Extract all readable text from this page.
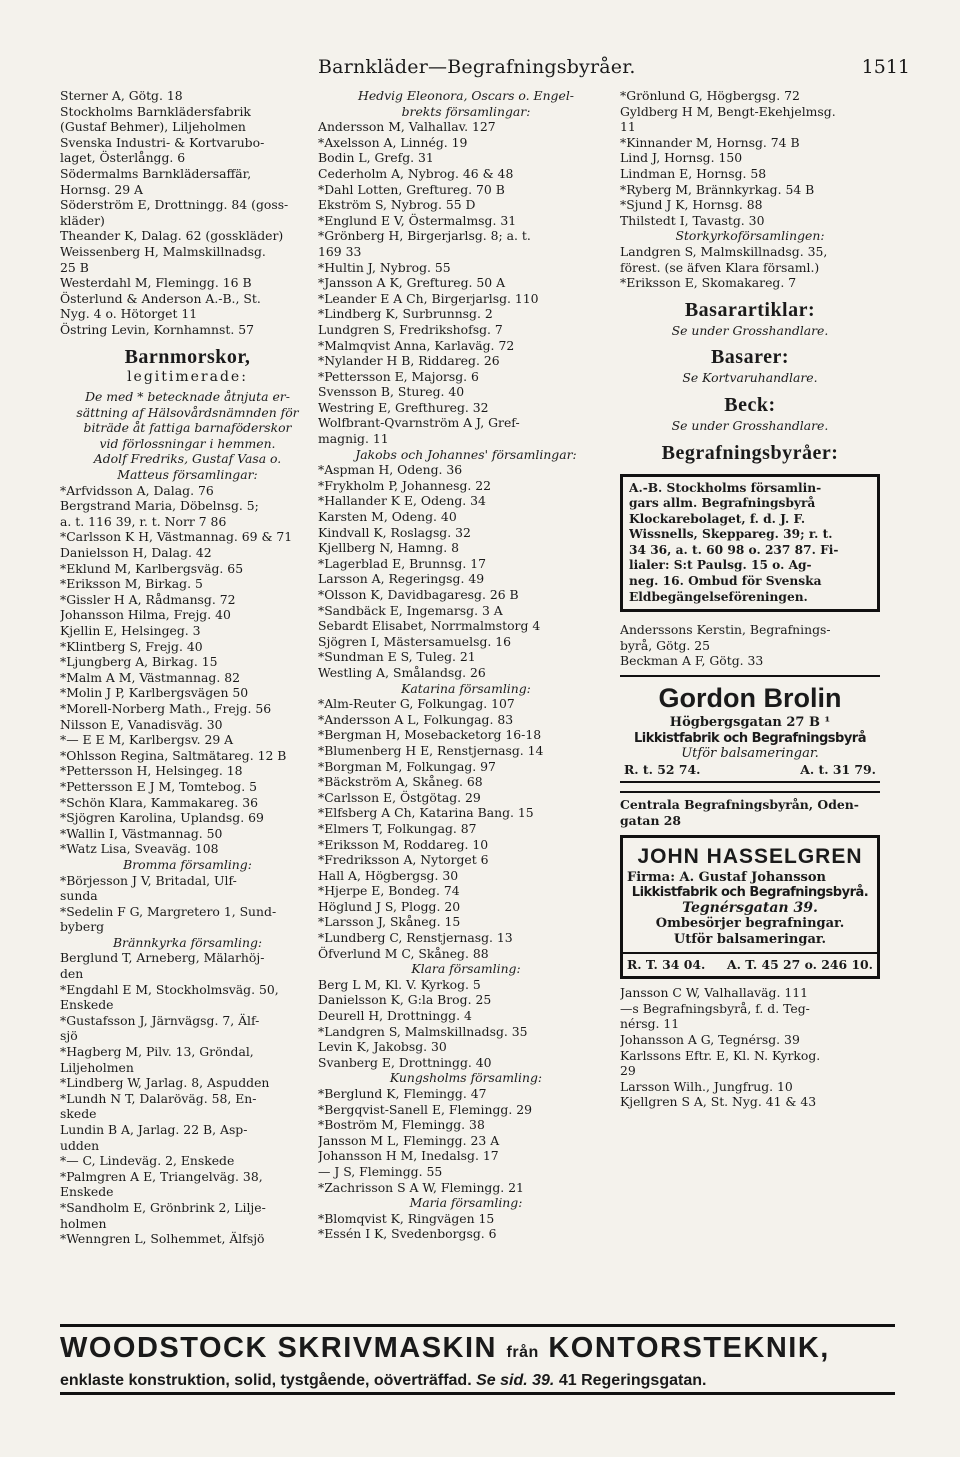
Barnkläder—Begrafningsbyråer.	1511
Sterner A, Götg. 18
Stockholms Barnklädersfabrik
(Gustaf Behmer), Liljeholmen
Svenska Industri- & Kortvarubo-
laget, Österlångg. 6
Södermalms Barnklädersaffär,
Hornsg. 29 A
Söderström E, Drottningg. 84 (goss-
kläder)
Theander K, Dalag. 62 (gosskläder)
Weissenberg H, Malmskillnadsg.
25 B
Westerdahl M, Flemingg. 16 B
Österlund & Anderson A.-B., St.
Nyg. 4 o. Hötorget 11
Östring Levin, Kornhamnst. 57
Barnmorskor,
legitimerade:
De med * betecknade åtnjuta er-
sättning af Hälsovårdsnämnden för
biträde åt fattiga barnaföderskor
vid förlossningar i hemmen.
Adolf Fredriks, Gustaf Vasa o.
Matteus församlingar:
*Arfvidsson A, Dalag. 76
Bergstrand Maria, Döbelnsg. 5;
a. t. 116 39, r. t. Norr 7 86
*Carlsson K H, Västmannag. 69 & 71
Danielsson H, Dalag. 42
*Eklund M, Karlbergsväg. 65
*Eriksson M, Birkag. 5
*Gissler H A, Rådmansg. 72
Johansson Hilma, Frejg. 40
Kjellin E, Helsingeg. 3
*Klintberg S, Frejg. 40
*Ljungberg A, Birkag. 15
*Malm A M, Västmannag. 82
*Molin J P, Karlbergsvägen 50
*Morell-Norberg Math., Frejg. 56
Nilsson E, Vanadisväg. 30
*— E E M, Karlbergsv. 29 A
*Ohlsson Regina, Saltmätareg. 12 B
*Pettersson H, Helsingeg. 18
*Pettersson E J M, Tomtebog. 5
*Schön Klara, Kammakareg. 36
*Sjögren Karolina, Uplandsg. 69
*Wallin I, Västmannag. 50
*Watz Lisa, Sveaväg. 108
Bromma församling:
*Börjesson J V, Britadal, Ulf-
sunda
*Sedelin F G, Margretero 1, Sund-
byberg
Brännkyrka församling:
Berglund T, Arneberg, Mälarhöj-
den
*Engdahl E M, Stockholmsväg. 50,
Enskede
*Gustafsson J, Järnvägsg. 7, Älf-
sjö
*Hagberg M, Pilv. 13, Gröndal,
Liljeholmen
*Lindberg W, Jarlag. 8, Aspudden
*Lundh N T, Dalaröväg. 58, En-
skede
Lundin B A, Jarlag. 22 B, Asp-
udden
*— C, Lindeväg. 2, Enskede
*Palmgren A E, Triangelväg. 38,
Enskede
*Sandholm E, Grönbrink 2, Lilje-
holmen
*Wenngren L, Solhemmet, Älfsjö
Hedvig Eleonora, Oscars o. Engel-
brekts församlingar:
Andersson M, Valhallav. 127
*Axelsson A, Linnég. 19
Bodin L, Grefg. 31
Cederholm A, Nybrog. 46 & 48
*Dahl Lotten, Greftureg. 70 B
Ekström S, Nybrog. 55 D
*Englund E V, Östermalmsg. 31
*Grönberg H, Birgerjarlsg. 8; a. t.
169 33
*Hultin J, Nybrog. 55
*Jansson A K, Greftureg. 50 A
*Leander E A Ch, Birgerjarlsg. 110
*Lindberg K, Surbrunnsg. 2
Lundgren S, Fredrikshofsg. 7
*Malmqvist Anna, Karlaväg. 72
*Nylander H B, Riddareg. 26
*Pettersson E, Majorsg. 6
Svensson B, Stureg. 40
Westring E, Grefthureg. 32
Wolfbrant-Qvarnström A J, Gref-
magnig. 11
Jakobs och Johannes' församlingar:
*Aspman H, Odeng. 36
*Frykholm P, Johannesg. 22
*Hallander K E, Odeng. 34
Karsten M, Odeng. 40
Kindvall K, Roslagsg. 32
Kjellberg N, Hamng. 8
*Lagerblad E, Brunnsg. 17
Larsson A, Regeringsg. 49
*Olsson K, Davidbagaresg. 26 B
*Sandbäck E, Ingemarsg. 3 A
Sebardt Elisabet, Norrmalmstorg 4
Sjögren I, Mästersamuelsg. 16
*Sundman E S, Tuleg. 21
Westling A, Smålandsg. 26
Katarina församling:
*Alm-Reuter G, Folkungag. 107
*Andersson A L, Folkungag. 83
*Bergman H, Mosebacketorg 16-18
*Blumenberg H E, Renstjernasg. 14
*Borgman M, Folkungag. 97
*Bäckström A, Skåneg. 68
*Carlsson E, Östgötag. 29
*Elfsberg A Ch, Katarina Bang. 15
*Elmers T, Folkungag. 87
*Eriksson M, Roddareg. 10
*Fredriksson A, Nytorget 6
Hall A, Högbergsg. 30
*Hjerpe E, Bondeg. 74
Höglund J S, Plogg. 20
*Larsson J, Skåneg. 15
*Lundberg C, Renstjernasg. 13
Öfverlund M C, Skåneg. 88
Klara församling:
Berg L M, Kl. V. Kyrkog. 5
Danielsson K, G:la Brog. 25
Deurell H, Drottningg. 4
*Landgren S, Malmskillnadsg. 35
Levin K, Jakobsg. 30
Svanberg E, Drottningg. 40
Kungsholms församling:
*Berglund K, Flemingg. 47
*Bergqvist-Sanell E, Flemingg. 29
*Boström M, Flemingg. 38
Jansson M L, Flemingg. 23 A
Johansson H M, Inedalsg. 17
— J S, Flemingg. 55
*Zachrisson S A W, Flemingg. 21
Maria församling:
*Blomqvist K, Ringvägen 15
*Essén I K, Svedenborgsg. 6
*Grönlund G, Högbergsg. 72
Gyldberg H M, Bengt-Ekehjelmsg.
11
*Kinnander M, Hornsg. 74 B
Lind J, Hornsg. 150
Lindman E, Hornsg. 58
*Ryberg M, Brännkyrkag. 54 B
*Sjund J K, Hornsg. 88
Thilstedt I, Tavastg. 30
Storkyrkoförsamlingen:
Landgren S, Malmskillnadsg. 35,
förest. (se äfven Klara församl.)
*Eriksson E, Skomakareg. 7
Basarartiklar:
Se under Grosshandlare.
Basarer:
Se Kortvaruhandlare.
Beck:
Se under Grosshandlare.
Begrafningsbyråer:
A.-B. Stockholms församlin-
gars allm. Begrafningsbyrå
Klockarebolaget, f. d. J. F.
Wissnells, Skeppareg. 39; r. t.
34 36, a. t. 60 98 o. 237 87. Fi-
lialer: S:t Paulsg. 15 o. Ag-
neg. 16. Ombud för Svenska
Eldbegängelseföreningen.
Anderssons Kerstin, Begrafnings-
byrå, Götg. 25
Beckman A F, Götg. 33
Gordon Brolin
Högbergsgatan 27 B ¹
Likkistfabrik och Begrafningsbyrå
Utför balsameringar.
R. t. 52 74.	A. t. 31 79.
Centrala Begrafningsbyrån, Oden-
gatan 28
JOHN HASSELGREN
Firma: A. Gustaf Johansson
Likkistfabrik och Begrafningsbyrå.
Tegnérsgatan 39.
Ombesörjer begrafningar.
Utför balsameringar.
R. T. 34 04. A. T. 45 27 o. 246 10.
Jansson C W, Valhallaväg. 111
—s Begrafningsbyrå, f. d. Teg-
nérsg. 11
Johansson A G, Tegnérsg. 39
Karlssons Eftr. E, Kl. N. Kyrkog.
29
Larsson Wilh., Jungfrug. 10
Kjellgren S A, St. Nyg. 41 & 43
WOODSTOCK SKRIVMASKIN från KONTORSTEKNIK,
enklaste konstruktion, solid, tystgående, oöverträffad. Se sid. 39. 41 Regeringsgatan.
